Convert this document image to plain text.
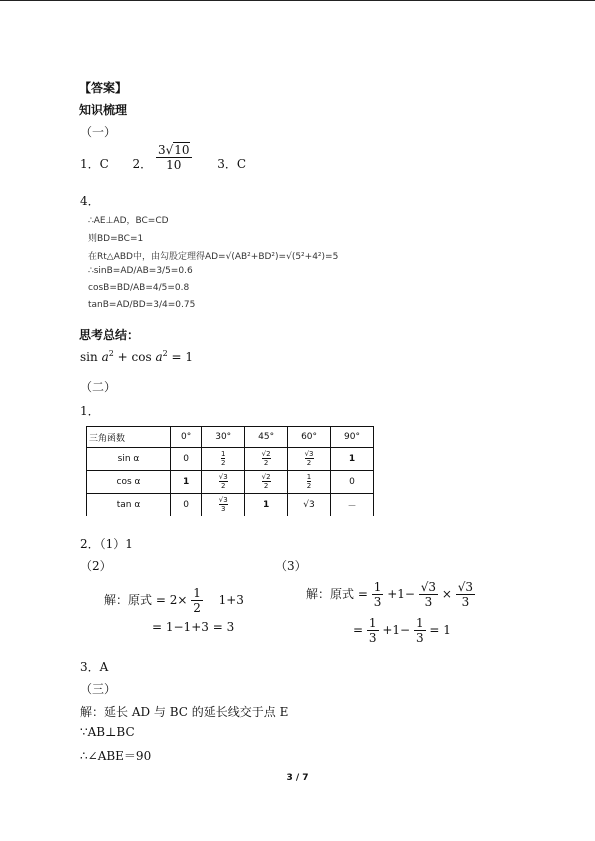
【答案】
知识梳理
（一）
1．C 2． $\frac{3√10}{10} 3$．C
4．
∴AE⊥AD，BC=CD
则BD=BC=1
在Rt△ABD中，由勾股定理得AD=√(AB²+BD²)=√(5²+4²)=5
∴sinB=AD/AB=3/5=0.6
cosB=BD/AB=4/5=0.8
tanB=AD/BD=3/4=0.75
思考总结：
$\sin a^2 + \cos a^2 = 1$
（二）
1．
三角函数	0°	30°	45°	60°	90°
sin α	0	$\frac{1}{2}$	$\frac{√2}{2}$	$\frac{√3}{2}$	1
cos α	1	$\frac{√3}{2}$	$\frac{√2}{2}$	$\frac{1}{2}$	0
tan α	0	$\frac{√3}{3}$	1	√3	－
2．（1）1
（2）	（3）
解：原式 = $2\times \frac{1}{2} 1+3$
= 1−1+3 = 3
解：原式 = $\frac{1}{3} +1- \frac{√3}{3} \times \frac{√3}{3}$
= $\frac{1}{3} +1- \frac{1}{3} = 1$
3．A
（三）
解：延长 AD 与 BC 的延长线交于点 E
∵AB⊥BC
∴∠ABE＝90
3 / 7
